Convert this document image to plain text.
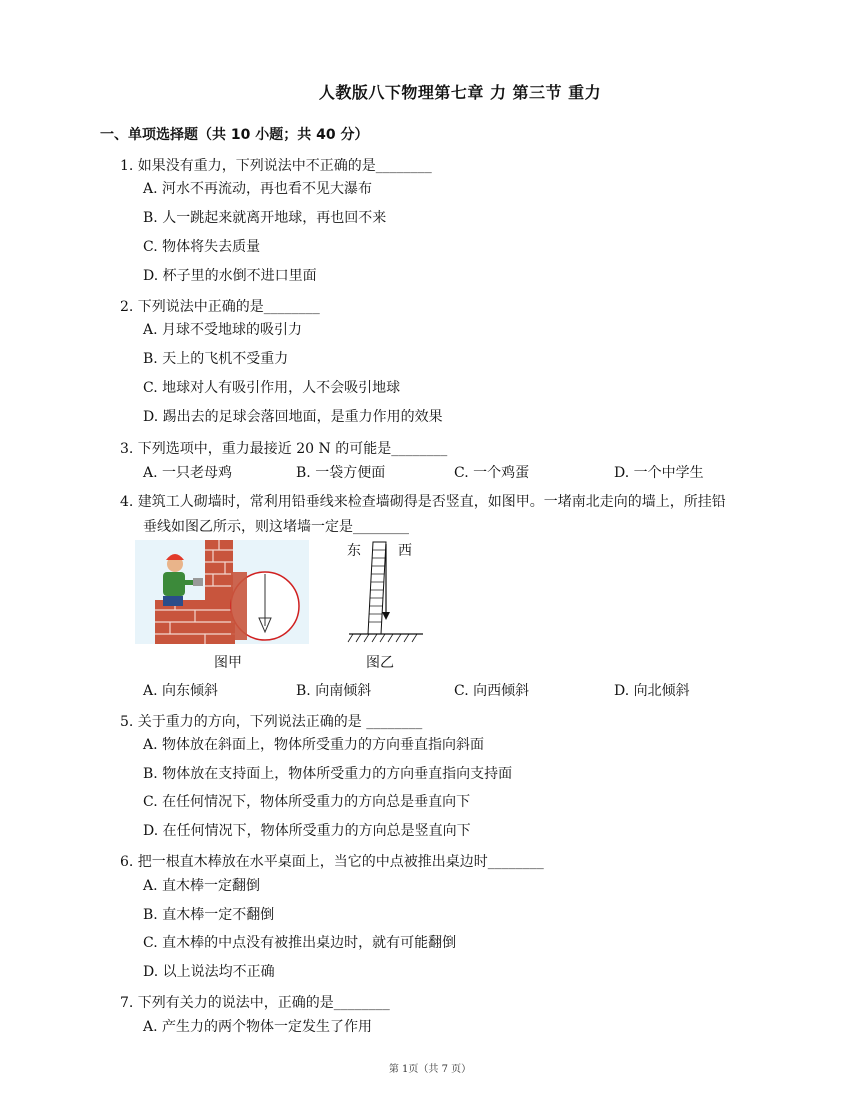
人教版八下物理第七章 力 第三节 重力
一、单项选择题（共 10 小题；共 40 分）
1. 如果没有重力，下列说法中不正确的是________
A. 河水不再流动，再也看不见大瀑布
B. 人一跳起来就离开地球，再也回不来
C. 物体将失去质量
D. 杯子里的水倒不进口里面
2. 下列说法中正确的是________
A. 月球不受地球的吸引力
B. 天上的飞机不受重力
C. 地球对人有吸引作用，人不会吸引地球
D. 踢出去的足球会落回地面，是重力作用的效果
3. 下列选项中，重力最接近 20 N 的可能是________
A. 一只老母鸡	B. 一袋方便面	C. 一个鸡蛋	D. 一个中学生
4. 建筑工人砌墙时，常利用铅垂线来检查墙砌得是否竖直，如图甲。一堵南北走向的墙上，所挂铅
垂线如图乙所示，则这堵墙一定是________
东	西
图甲	图乙
A. 向东倾斜	B. 向南倾斜	C. 向西倾斜	D. 向北倾斜
5. 关于重力的方向，下列说法正确的是 ________
A. 物体放在斜面上，物体所受重力的方向垂直指向斜面
B. 物体放在支持面上，物体所受重力的方向垂直指向支持面
C. 在任何情况下，物体所受重力的方向总是垂直向下
D. 在任何情况下，物体所受重力的方向总是竖直向下
6. 把一根直木棒放在水平桌面上，当它的中点被推出桌边时________
A. 直木棒一定翻倒
B. 直木棒一定不翻倒
C. 直木棒的中点没有被推出桌边时，就有可能翻倒
D. 以上说法均不正确
7. 下列有关力的说法中，正确的是________
A. 产生力的两个物体一定发生了作用
第 1页（共 7 页）
